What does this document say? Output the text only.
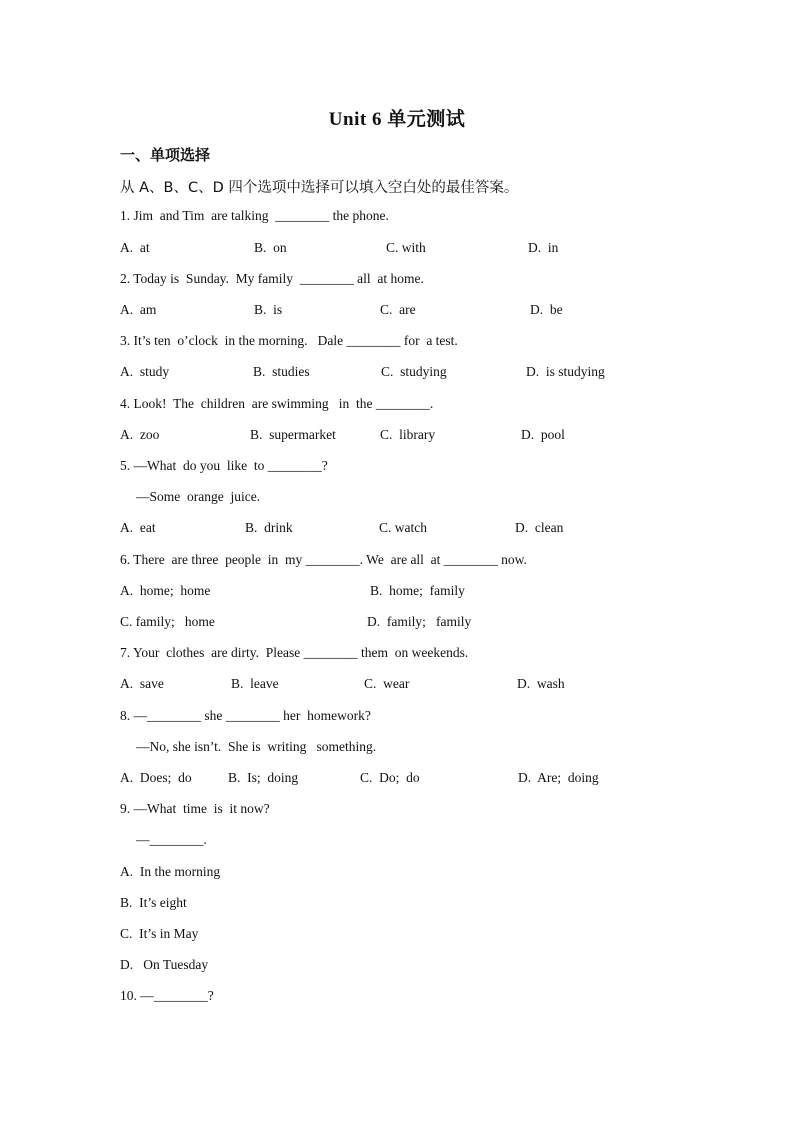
Unit 6 单元测试
一、单项选择
从 A、B、C、D 四个选项中选择可以填入空白处的最佳答案。
1. Jim  and Tim  are talking  ________ the phone.
A.  at	B.  on	C. with	D.  in
2. Today is  Sunday.  My family  ________ all  at home.
A.  am	B.  is	C.  are	D.  be
3. It’s ten  o’clock  in the morning.   Dale ________ for  a test.
A.  study	B.  studies	C.  studying	D.  is studying
4. Look!  The  children  are swimming   in  the ________.
A.  zoo	B.  supermarket	C.  library	D.  pool
5. —What  do you  like  to ________?
—Some  orange  juice.
A.  eat	B.  drink	C. watch	D.  clean
6. There  are three  people  in  my ________. We  are all  at ________ now.
A.  home;  home	B.  home;  family
C. family;   home	D.  family;   family
7. Your  clothes  are dirty.  Please ________ them  on weekends.
A.  save	B.  leave	C.  wear	D.  wash
8. —________ she ________ her  homework?
—No, she isn’t.  She is  writing   something.
A.  Does;  do	B.  Is;  doing	C.  Do;  do	D.  Are;  doing
9. —What  time  is  it now?
—________.
A.  In the morning
B.  It’s eight
C.  It’s in May
D.   On Tuesday
10. —________?
